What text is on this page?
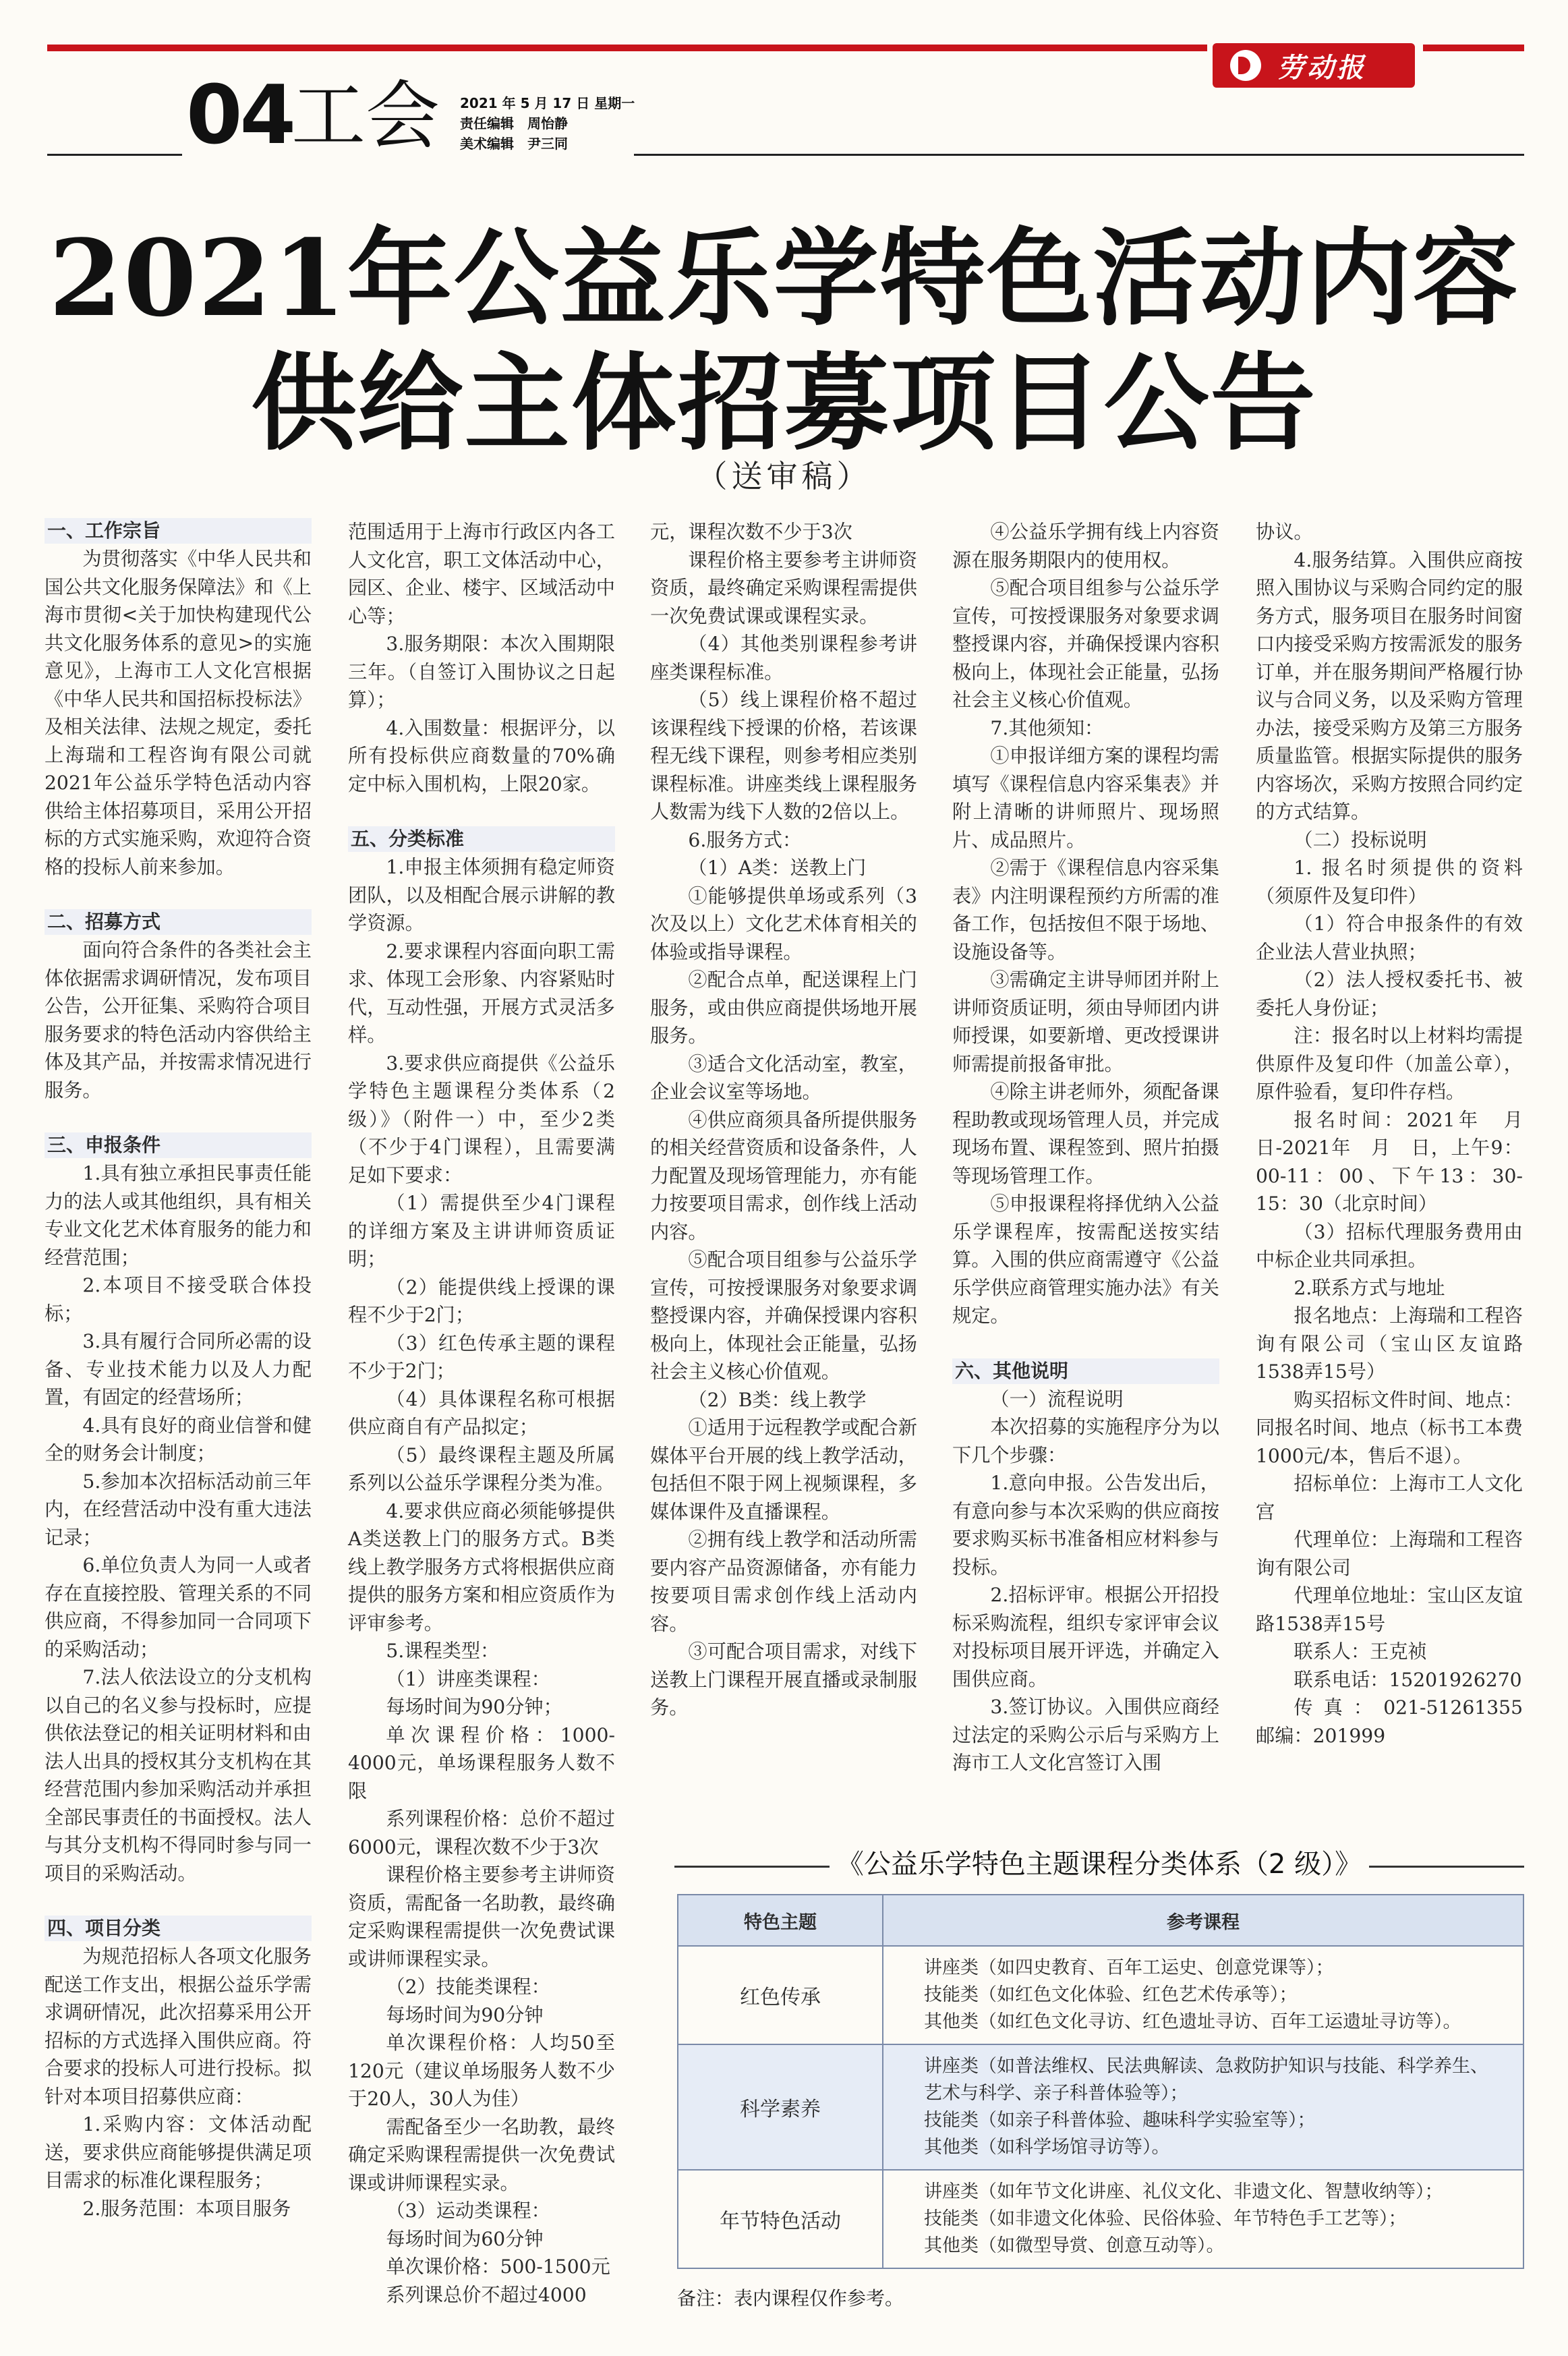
劳动报
04
工会 2021 年 5 月 17 日 星期一
责任编辑　周怡静
美术编辑　尹三同
2021年公益乐学特色活动内容
供给主体招募项目公告
（送审稿）
一、工作宗旨

为贯彻落实《中华人民共和国公共文化服务保障法》和《上海市贯彻<关于加快构建现代公共文化服务体系的意见>的实施意见》，上海市工人文化宫根据《中华人民共和国招标投标法》及相关法律、法规之规定，委托上海瑞和工程咨询有限公司就2021年公益乐学特色活动内容供给主体招募项目，采用公开招标的方式实施采购，欢迎符合资格的投标人前来参加。

二、招募方式

面向符合条件的各类社会主体依据需求调研情况，发布项目公告，公开征集、采购符合项目服务要求的特色活动内容供给主体及其产品，并按需求情况进行服务。

三、申报条件

1.具有独立承担民事责任能力的法人或其他组织，具有相关专业文化艺术体育服务的能力和经营范围；

2.本项目不接受联合体投标；

3.具有履行合同所必需的设备、专业技术能力以及人力配置，有固定的经营场所；

4.具有良好的商业信誉和健全的财务会计制度；

5.参加本次招标活动前三年内，在经营活动中没有重大违法记录；

6.单位负责人为同一人或者存在直接控股、管理关系的不同供应商，不得参加同一合同项下的采购活动；

7.法人依法设立的分支机构以自己的名义参与投标时，应提供依法登记的相关证明材料和由法人出具的授权其分支机构在其经营范围内参加采购活动并承担全部民事责任的书面授权。法人与其分支机构不得同时参与同一项目的采购活动。

四、项目分类

为规范招标人各项文化服务配送工作支出，根据公益乐学需求调研情况，此次招募采用公开招标的方式选择入围供应商。符合要求的投标人可进行投标。拟针对本项目招募供应商：

1.采购内容：文体活动配送，要求供应商能够提供满足项目需求的标准化课程服务；

2.服务范围：本项目服务

范围适用于上海市行政区内各工人文化宫，职工文体活动中心，园区、企业、楼宇、区域活动中心等；

3.服务期限：本次入围期限三年。（自签订入围协议之日起算）；

4.入围数量：根据评分，以所有投标供应商数量的70%确定中标入围机构，上限20家。

五、分类标准

1.申报主体须拥有稳定师资团队，以及相配合展示讲解的教学资源。

2.要求课程内容面向职工需求、体现工会形象、内容紧贴时代，互动性强，开展方式灵活多样。

3.要求供应商提供《公益乐学特色主题课程分类体系（2级）》（附件一）中，至少2类（不少于4门课程），且需要满足如下要求：

（1）需提供至少4门课程的详细方案及主讲讲师资质证明；

（2）能提供线上授课的课程不少于2门；

（3）红色传承主题的课程不少于2门；

（4）具体课程名称可根据供应商自有产品拟定；

（5）最终课程主题及所属系列以公益乐学课程分类为准。

4.要求供应商必须能够提供A类送教上门的服务方式。B类线上教学服务方式将根据供应商提供的服务方案和相应资质作为评审参考。

5.课程类型：

（1）讲座类课程：

每场时间为90分钟；

单次课程价格：1000-4000元，单场课程服务人数不限

系列课程价格：总价不超过6000元，课程次数不少于3次

课程价格主要参考主讲师资资质，需配备一名助教，最终确定采购课程需提供一次免费试课或讲师课程实录。

（2）技能类课程：

每场时间为90分钟

单次课程价格：人均50至120元（建议单场服务人数不少于20人，30人为佳）

需配备至少一名助教，最终确定采购课程需提供一次免费试课或讲师课程实录。

（3）运动类课程：

每场时间为60分钟

单次课价格：500-1500元

系列课总价不超过4000

元，课程次数不少于3次

课程价格主要参考主讲师资资质，最终确定采购课程需提供一次免费试课或课程实录。

（4）其他类别课程参考讲座类课程标准。

（5）线上课程价格不超过该课程线下授课的价格，若该课程无线下课程，则参考相应类别课程标准。讲座类线上课程服务人数需为线下人数的2倍以上。

6.服务方式：

（1）A类：送教上门

①能够提供单场或系列（3次及以上）文化艺术体育相关的体验或指导课程。

②配合点单，配送课程上门服务，或由供应商提供场地开展服务。

③适合文化活动室，教室，企业会议室等场地。

④供应商须具备所提供服务的相关经营资质和设备条件，人力配置及现场管理能力，亦有能力按要项目需求，创作线上活动内容。

⑤配合项目组参与公益乐学宣传，可按授课服务对象要求调整授课内容，并确保授课内容积极向上，体现社会正能量，弘扬社会主义核心价值观。

（2）B类：线上教学

①适用于远程教学或配合新媒体平台开展的线上教学活动，包括但不限于网上视频课程，多媒体课件及直播课程。

②拥有线上教学和活动所需要内容产品资源储备，亦有能力按要项目需求创作线上活动内容。

③可配合项目需求，对线下送教上门课程开展直播或录制服务。

④公益乐学拥有线上内容资源在服务期限内的使用权。

⑤配合项目组参与公益乐学宣传，可按授课服务对象要求调整授课内容，并确保授课内容积极向上，体现社会正能量，弘扬社会主义核心价值观。

7.其他须知：

①申报详细方案的课程均需填写《课程信息内容采集表》并附上清晰的讲师照片、现场照片、成品照片。

②需于《课程信息内容采集表》内注明课程预约方所需的准备工作，包括按但不限于场地、设施设备等。

③需确定主讲导师团并附上讲师资质证明，须由导师团内讲师授课，如要新增、更改授课讲师需提前报备审批。

④除主讲老师外，须配备课程助教或现场管理人员，并完成现场布置、课程签到、照片拍摄等现场管理工作。

⑤申报课程将择优纳入公益乐学课程库，按需配送按实结算。入围的供应商需遵守《公益乐学供应商管理实施办法》有关规定。

六、其他说明

（一）流程说明

本次招募的实施程序分为以下几个步骤：

1.意向申报。公告发出后，有意向参与本次采购的供应商按要求购买标书准备相应材料参与投标。

2.招标评审。根据公开招投标采购流程，组织专家评审会议对投标项目展开评选，并确定入围供应商。

3.签订协议。入围供应商经过法定的采购公示后与采购方上海市工人文化宫签订入围

协议。

4.服务结算。入围供应商按照入围协议与采购合同约定的服务方式，服务项目在服务时间窗口内接受采购方按需派发的服务订单，并在服务期间严格履行协议与合同义务，以及采购方管理办法，接受采购方及第三方服务质量监管。根据实际提供的服务内容场次，采购方按照合同约定的方式结算。

（二）投标说明

1. 报名时须提供的资料（须原件及复印件）

（1）符合申报条件的有效企业法人营业执照；

（2）法人授权委托书、被委托人身份证；

注：报名时以上材料均需提供原件及复印件（加盖公章），原件验看，复印件存档。

报名时间：2021年　月　日-2021年　月　日，上午9：00-11：00、下午13：30-15：30（北京时间）

（3）招标代理服务费用由中标企业共同承担。

2.联系方式与地址

报名地点：上海瑞和工程咨询有限公司（宝山区友谊路1538弄15号）

购买招标文件时间、地点：同报名时间、地点（标书工本费1000元/本，售后不退）。

招标单位：上海市工人文化宫

代理单位：上海瑞和工程咨询有限公司

代理单位地址：宝山区友谊路1538弄15号

联系人：王克祯

联系电话：15201926270

传真：021-51261355　邮编：201999

《公益乐学特色主题课程分类体系（2 级）》
特色主题	参考课程
红色传承	讲座类（如四史教育、百年工运史、创意党课等）；
技能类（如红色文化体验、红色艺术传承等）；
其他类（如红色文化寻访、红色遗址寻访、百年工运遗址寻访等）。

科学素养	讲座类（如普法维权、民法典解读、急救防护知识与技能、科学养生、
艺术与科学、亲子科普体验等）；
技能类（如亲子科普体验、趣味科学实验室等）；
其他类（如科学场馆寻访等）。

年节特色活动	讲座类（如年节文化讲座、礼仪文化、非遗文化、智慧收纳等）；
技能类（如非遗文化体验、民俗体验、年节特色手工艺等）；
其他类（如微型导赏、创意互动等）。
备注：表内课程仅作参考。
